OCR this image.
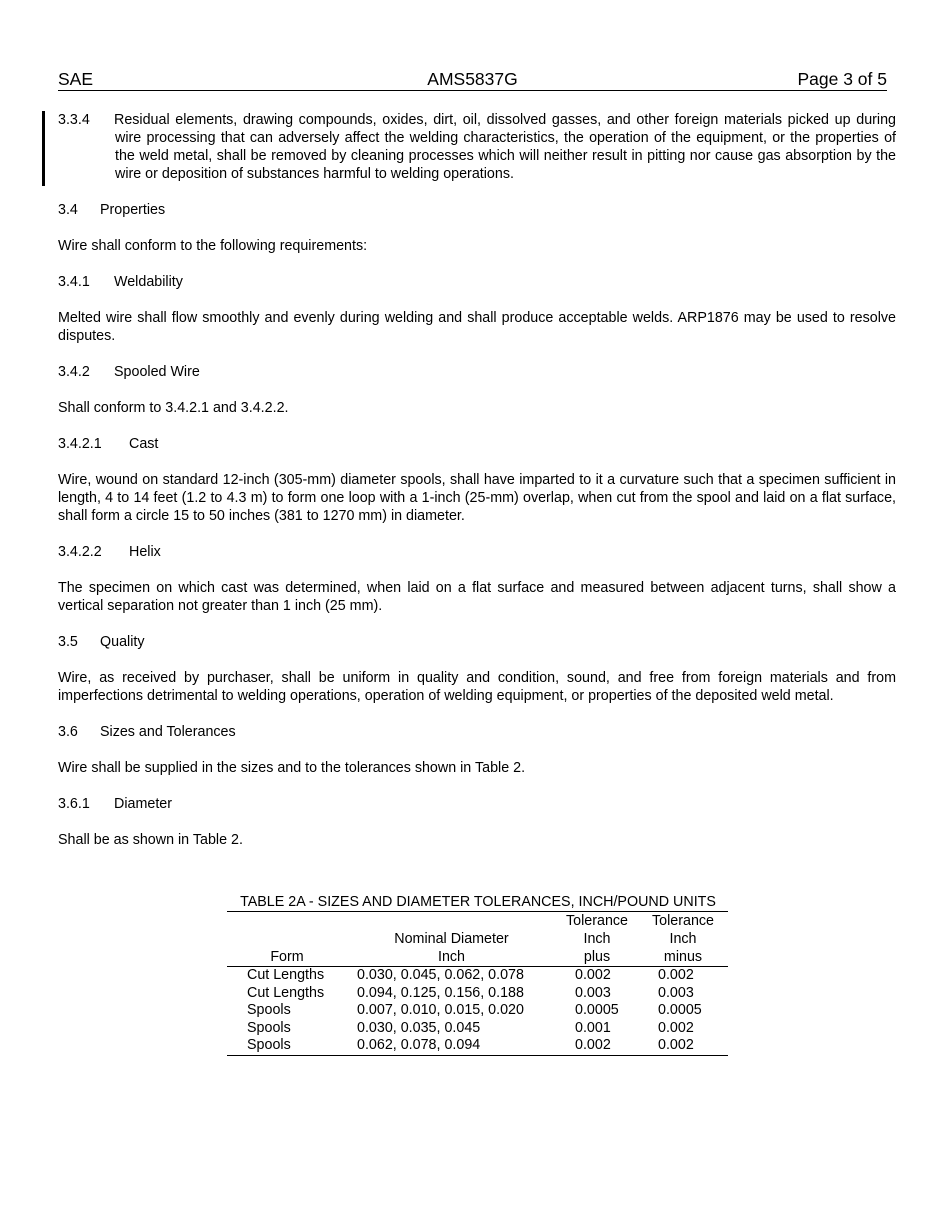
SAE	AMS5837G	Page 3 of 5

3.3.4 Residual elements, drawing compounds, oxides, dirt, oil, dissolved gasses, and other foreign materials picked up during wire processing that can adversely affect the welding characteristics, the operation of the equipment, or the properties of the weld metal, shall be removed by cleaning processes which will neither result in pitting nor cause gas absorption by the wire or deposition of substances harmful to welding operations.

3.4 Properties

Wire shall conform to the following requirements:

3.4.1 Weldability

Melted wire shall flow smoothly and evenly during welding and shall produce acceptable welds. ARP1876 may be used to resolve disputes.

3.4.2 Spooled Wire

Shall conform to 3.4.2.1 and 3.4.2.2.

3.4.2.1 Cast

Wire, wound on standard 12-inch (305-mm) diameter spools, shall have imparted to it a curvature such that a specimen sufficient in length, 4 to 14 feet (1.2 to 4.3 m) to form one loop with a 1-inch (25-mm) overlap, when cut from the spool and laid on a flat surface, shall form a circle 15 to 50 inches (381 to 1270 mm) in diameter.

3.4.2.2 Helix

The specimen on which cast was determined, when laid on a flat surface and measured between adjacent turns, shall show a vertical separation not greater than 1 inch (25 mm).

3.5 Quality

Wire, as received by purchaser, shall be uniform in quality and condition, sound, and free from foreign materials and from imperfections detrimental to welding operations, operation of welding equipment, or properties of the deposited weld metal.

3.6 Sizes and Tolerances

Wire shall be supplied in the sizes and to the tolerances shown in Table 2.

3.6.1 Diameter

Shall be as shown in Table 2.

TABLE 2A - SIZES AND DIAMETER TOLERANCES, INCH/POUND UNITS
		Tolerance	Tolerance
	Nominal Diameter	Inch	Inch
Form	Inch	plus	minus
Cut Lengths	0.030, 0.045, 0.062, 0.078	0.002	0.002
Cut Lengths	0.094, 0.125, 0.156, 0.188	0.003	0.003
Spools	0.007, 0.010, 0.015, 0.020	0.0005	0.0005
Spools	0.030, 0.035, 0.045	0.001	0.002
Spools	0.062, 0.078, 0.094	0.002	0.002
